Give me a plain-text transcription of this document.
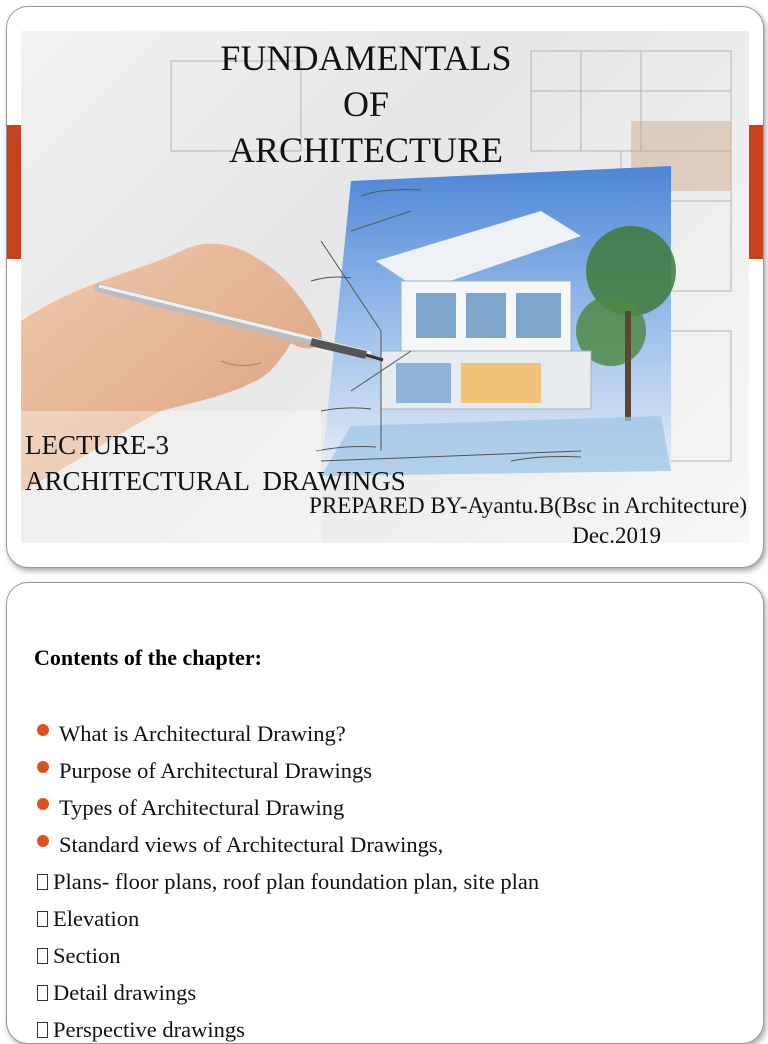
FUNDAMENTALS
OF
ARCHITECTURE
LECTURE-3
ARCHITECTURAL  DRAWINGS
PREPARED BY-Ayantu.B(Bsc in Architecture)
Dec.2019
Contents of the chapter:
What is Architectural Drawing?
Purpose of Architectural Drawings
Types of Architectural Drawing
Standard views of Architectural Drawings,
Plans- floor plans, roof plan foundation plan, site plan
Elevation
Section
Detail drawings
Perspective drawings
